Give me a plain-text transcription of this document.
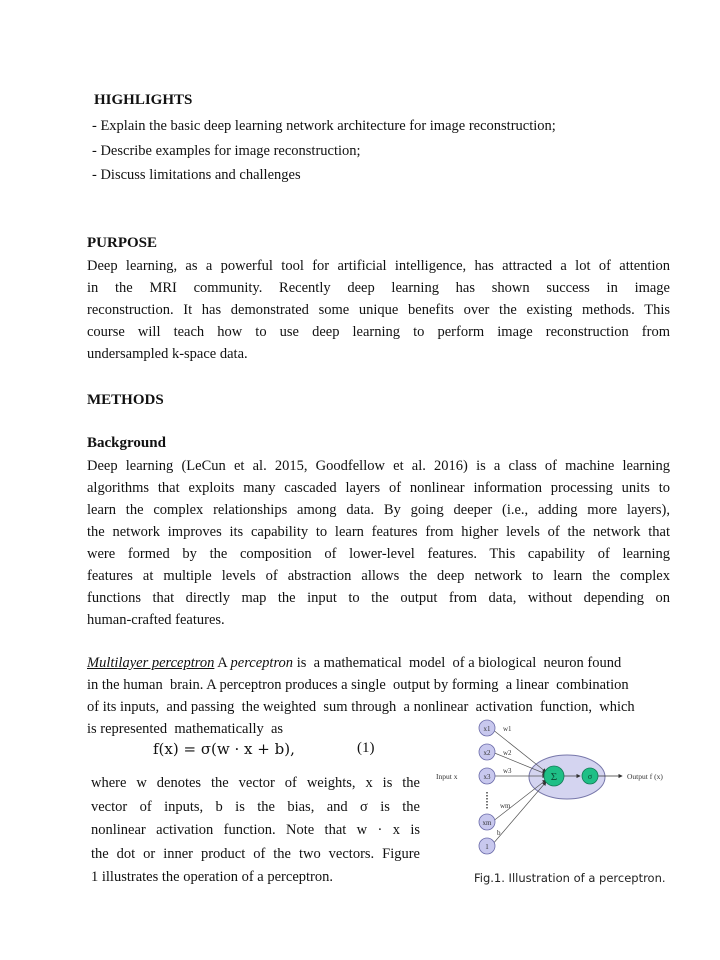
HIGHLIGHTS
- Explain the basic deep learning network architecture for image reconstruction;
- Describe examples for image reconstruction;
- Discuss limitations and challenges
PURPOSE
Deep learning, as a powerful tool for artificial intelligence, has attracted a lot of attention
in the MRI community. Recently deep learning has shown success in image
reconstruction. It has demonstrated some unique benefits over the existing methods. This
course will teach how to use deep learning to perform image reconstruction from
undersampled k-space data.
METHODS
Background
Deep learning (LeCun et al. 2015, Goodfellow et al. 2016) is a class of machine learning
algorithms that exploits many cascaded layers of nonlinear information processing units to
learn the complex relationships among data. By going deeper (i.e., adding more layers),
the network improves its capability to learn features from higher levels of the network that
were formed by the composition of lower-level features. This capability of learning
features at multiple levels of abstraction allows the deep network to learn the complex
functions that directly map the input to the output from data, without depending on
human-crafted features.
Multilayer perceptron A perceptron is  a mathematical  model  of a biological  neuron found
in the human  brain. A perceptron produces a single  output by forming  a linear  combination
of its inputs,  and passing  the weighted  sum through  a nonlinear  activation  function,  which
is represented  mathematically  as
f(x) = σ(w · x + b),	(1)
where w denotes the vector of weights, x is the
vector of inputs, b is the bias, and σ is the
nonlinear activation function. Note that w · x is
the dot or inner product of the two vectors. Figure
1 illustrates the operation of a perceptron.
x1
x2
x3
xm
1
w1
w2
w3
wm
b
Σ	σ
Input x	Output f (x)
Fig.1. Illustration of a perceptron.
